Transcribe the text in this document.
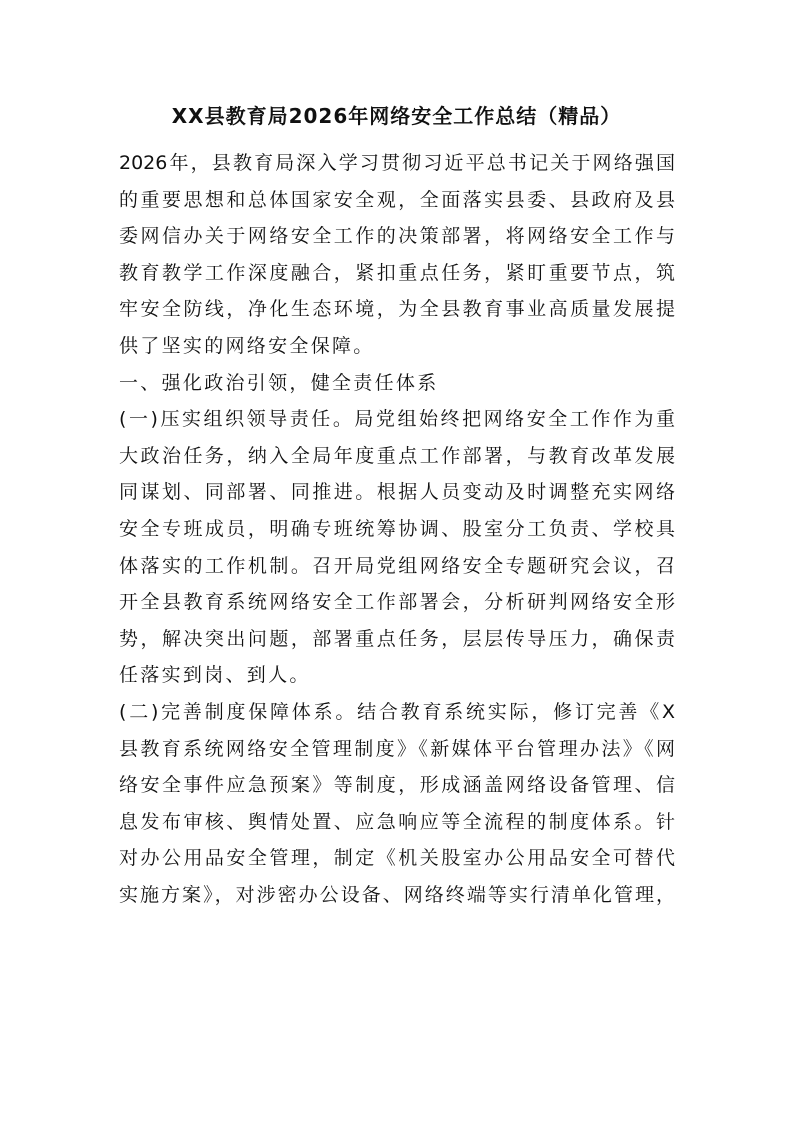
XX县教育局2026年网络安全工作总结（精品）
2026年，县教育局深入学习贯彻习近平总书记关于网络强国
的重要思想和总体国家安全观，全面落实县委、县政府及县
委网信办关于网络安全工作的决策部署，将网络安全工作与
教育教学工作深度融合，紧扣重点任务，紧盯重要节点，筑
牢安全防线，净化生态环境，为全县教育事业高质量发展提
供了坚实的网络安全保障。
一、强化政治引领，健全责任体系
(一)压实组织领导责任。局党组始终把网络安全工作作为重
大政治任务，纳入全局年度重点工作部署，与教育改革发展
同谋划、同部署、同推进。根据人员变动及时调整充实网络
安全专班成员，明确专班统筹协调、股室分工负责、学校具
体落实的工作机制。召开局党组网络安全专题研究会议，召
开全县教育系统网络安全工作部署会，分析研判网络安全形
势，解决突出问题，部署重点任务，层层传导压力，确保责
任落实到岗、到人。
(二)完善制度保障体系。结合教育系统实际，修订完善《X
县教育系统网络安全管理制度》《新媒体平台管理办法》《网
络安全事件应急预案》等制度，形成涵盖网络设备管理、信
息发布审核、舆情处置、应急响应等全流程的制度体系。针
对办公用品安全管理，制定《机关股室办公用品安全可替代
实施方案》，对涉密办公设备、网络终端等实行清单化管理，
